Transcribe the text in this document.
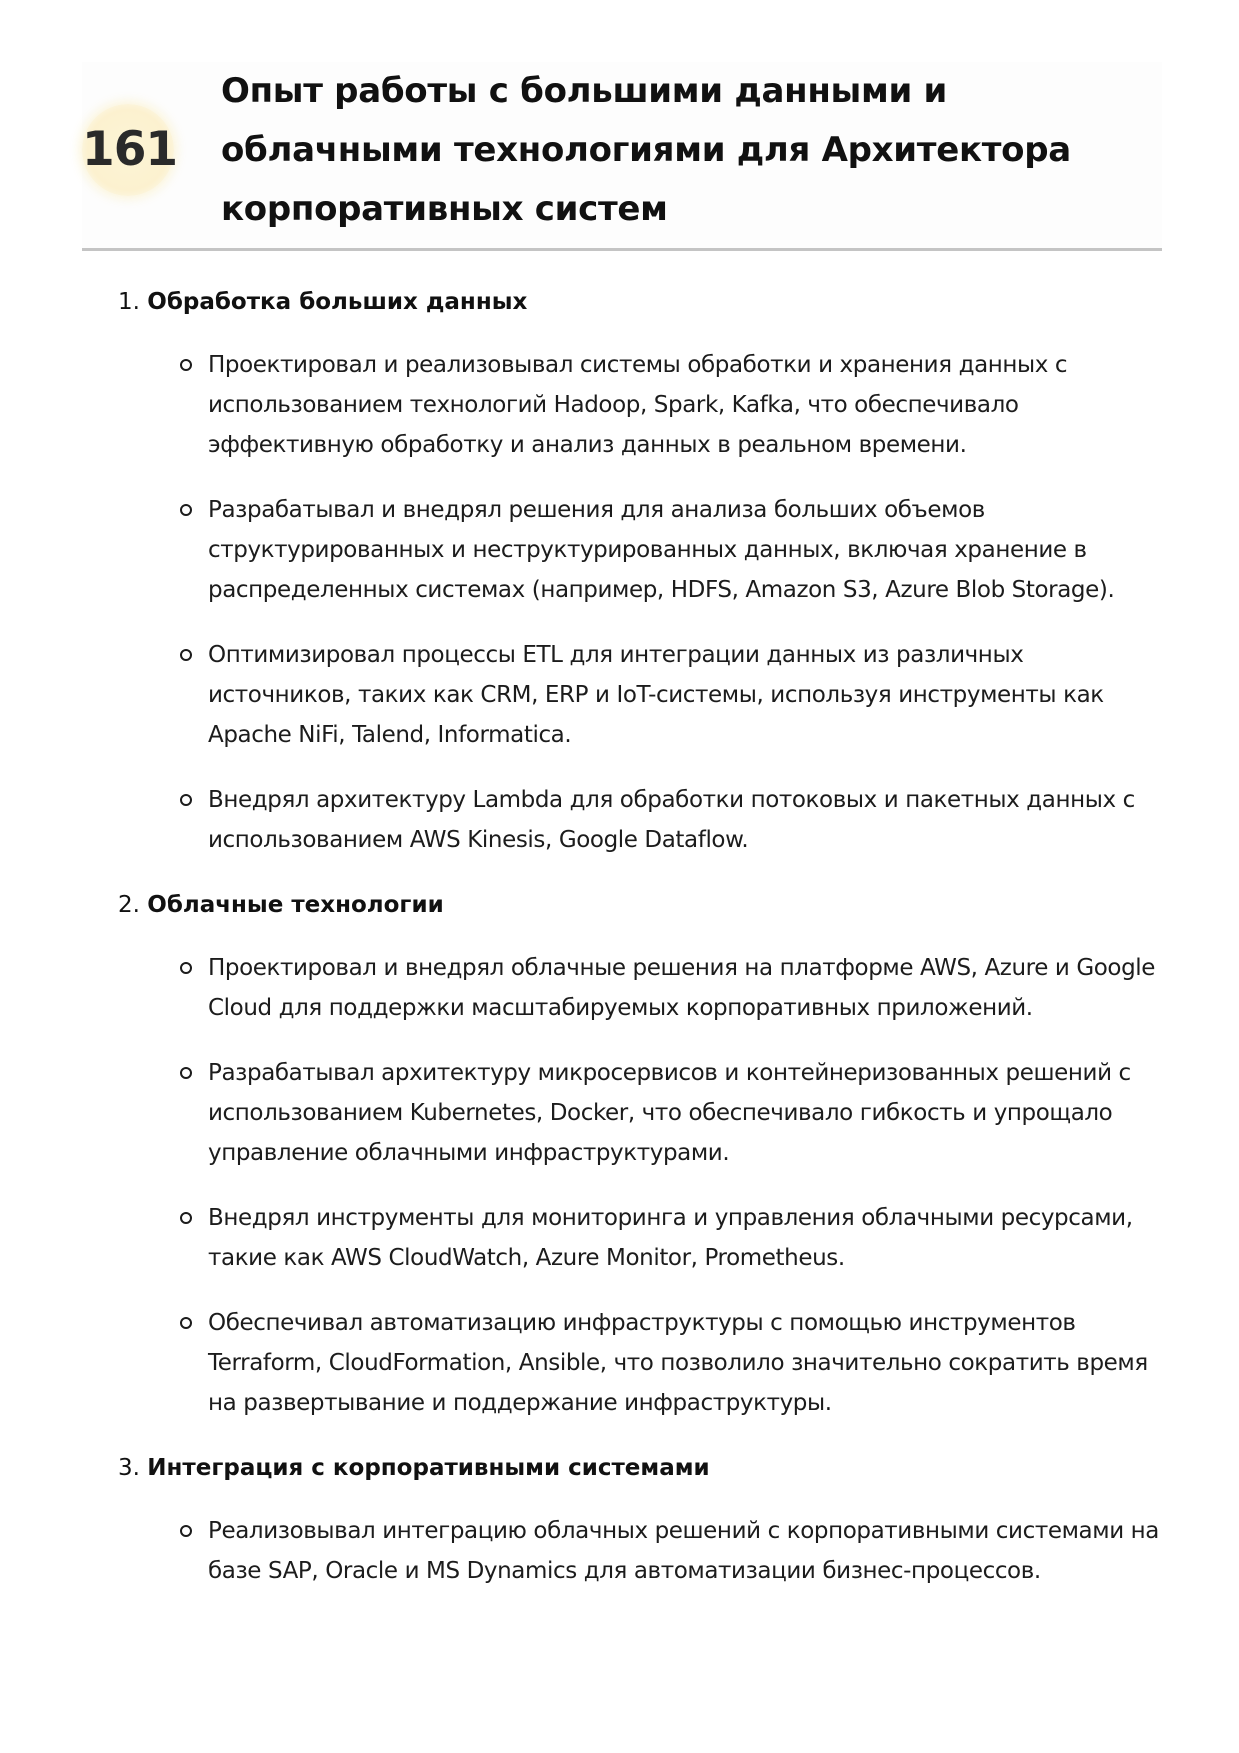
161
Опыт работы с большими данными и облачными технологиями для Архитектора корпоративных систем
1. Обработка больших данных
Проектировал и реализовывал системы обработки и хранения данных с использованием технологий Hadoop, Spark, Kafka, что обеспечивало эффективную обработку и анализ данных в реальном времени.
Разрабатывал и внедрял решения для анализа больших объемов структурированных и неструктурированных данных, включая хранение в распределенных системах (например, HDFS, Amazon S3, Azure Blob Storage).
Оптимизировал процессы ETL для интеграции данных из различных источников, таких как CRM, ERP и IoT-системы, используя инструменты как Apache NiFi, Talend, Informatica.
Внедрял архитектуру Lambda для обработки потоковых и пакетных данных с использованием AWS Kinesis, Google Dataflow.
2. Облачные технологии
Проектировал и внедрял облачные решения на платформе AWS, Azure и Google Cloud для поддержки масштабируемых корпоративных приложений.
Разрабатывал архитектуру микросервисов и контейнеризованных решений с использованием Kubernetes, Docker, что обеспечивало гибкость и упрощало управление облачными инфраструктурами.
Внедрял инструменты для мониторинга и управления облачными ресурсами, такие как AWS CloudWatch, Azure Monitor, Prometheus.
Обеспечивал автоматизацию инфраструктуры с помощью инструментов Terraform, CloudFormation, Ansible, что позволило значительно сократить время на развертывание и поддержание инфраструктуры.
3. Интеграция с корпоративными системами
Реализовывал интеграцию облачных решений с корпоративными системами на базе SAP, Oracle и MS Dynamics для автоматизации бизнес-процессов.
